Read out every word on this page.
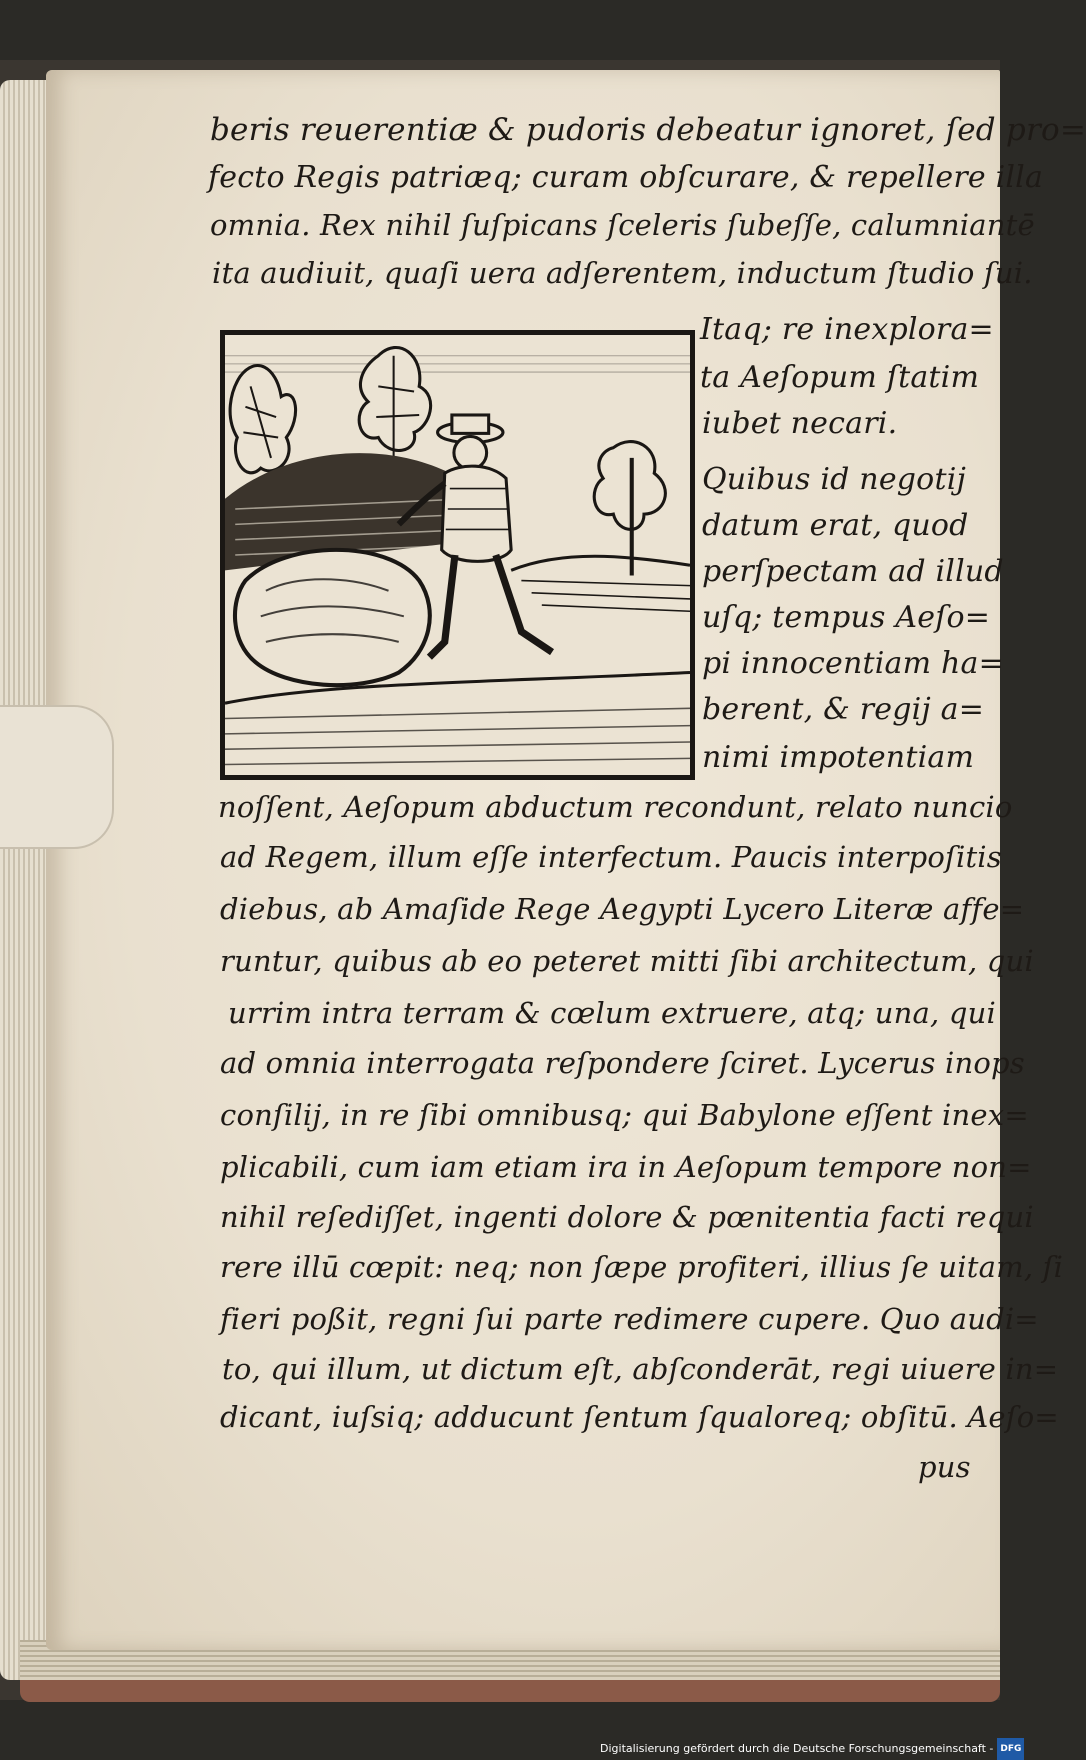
beris reuerentiæ & pudoris debeatur ignoret, ſed pro=
fecto Regis patriæq; curam obſcurare, & repellere illa
omnia. Rex nihil ſuſpicans ſceleris ſubeſſe, calumniantē
ita audiuit, quaſi uera adſerentem, inductum ſtudio ſui.
Itaq; re inexplora=
ta Aeſopum ſtatim
iubet necari.
Quibus id negotij
datum erat, quod
perſpectam ad illud
uſq; tempus Aeſo=
pi innocentiam ha=
berent, & regij a=
nimi impotentiam
noſſent, Aeſopum abductum recondunt, relato nuncio
ad Regem, illum eſſe interfectum. Paucis interpoſitis
diebus, ab Amaſide Rege Aegypti Lycero Literæ affe=
runtur, quibus ab eo peteret mitti ſibi architectum, qui
urrim intra terram & cœlum extruere, atq; una, qui
ad omnia interrogata reſpondere ſciret. Lycerus inops
conſilij, in re ſibi omnibusq; qui Babylone eſſent inex=
plicabili, cum iam etiam ira in Aeſopum tempore non=
nihil reſediſſet, ingenti dolore & pœnitentia facti requi
rere illū cœpit: neq; non ſæpe profiteri, illius ſe uitam, ſi
fieri poßit, regni ſui parte redimere cupere. Quo audi=
to, qui illum, ut dictum eſt, abſconderāt, regi uiuere in=
dicant, iuſsiq; adducunt ſentum ſqualoreq; obſitū. Aeſo=
pus
Digitalisierung gefördert durch die Deutsche Forschungsgemeinschaft - DFG
